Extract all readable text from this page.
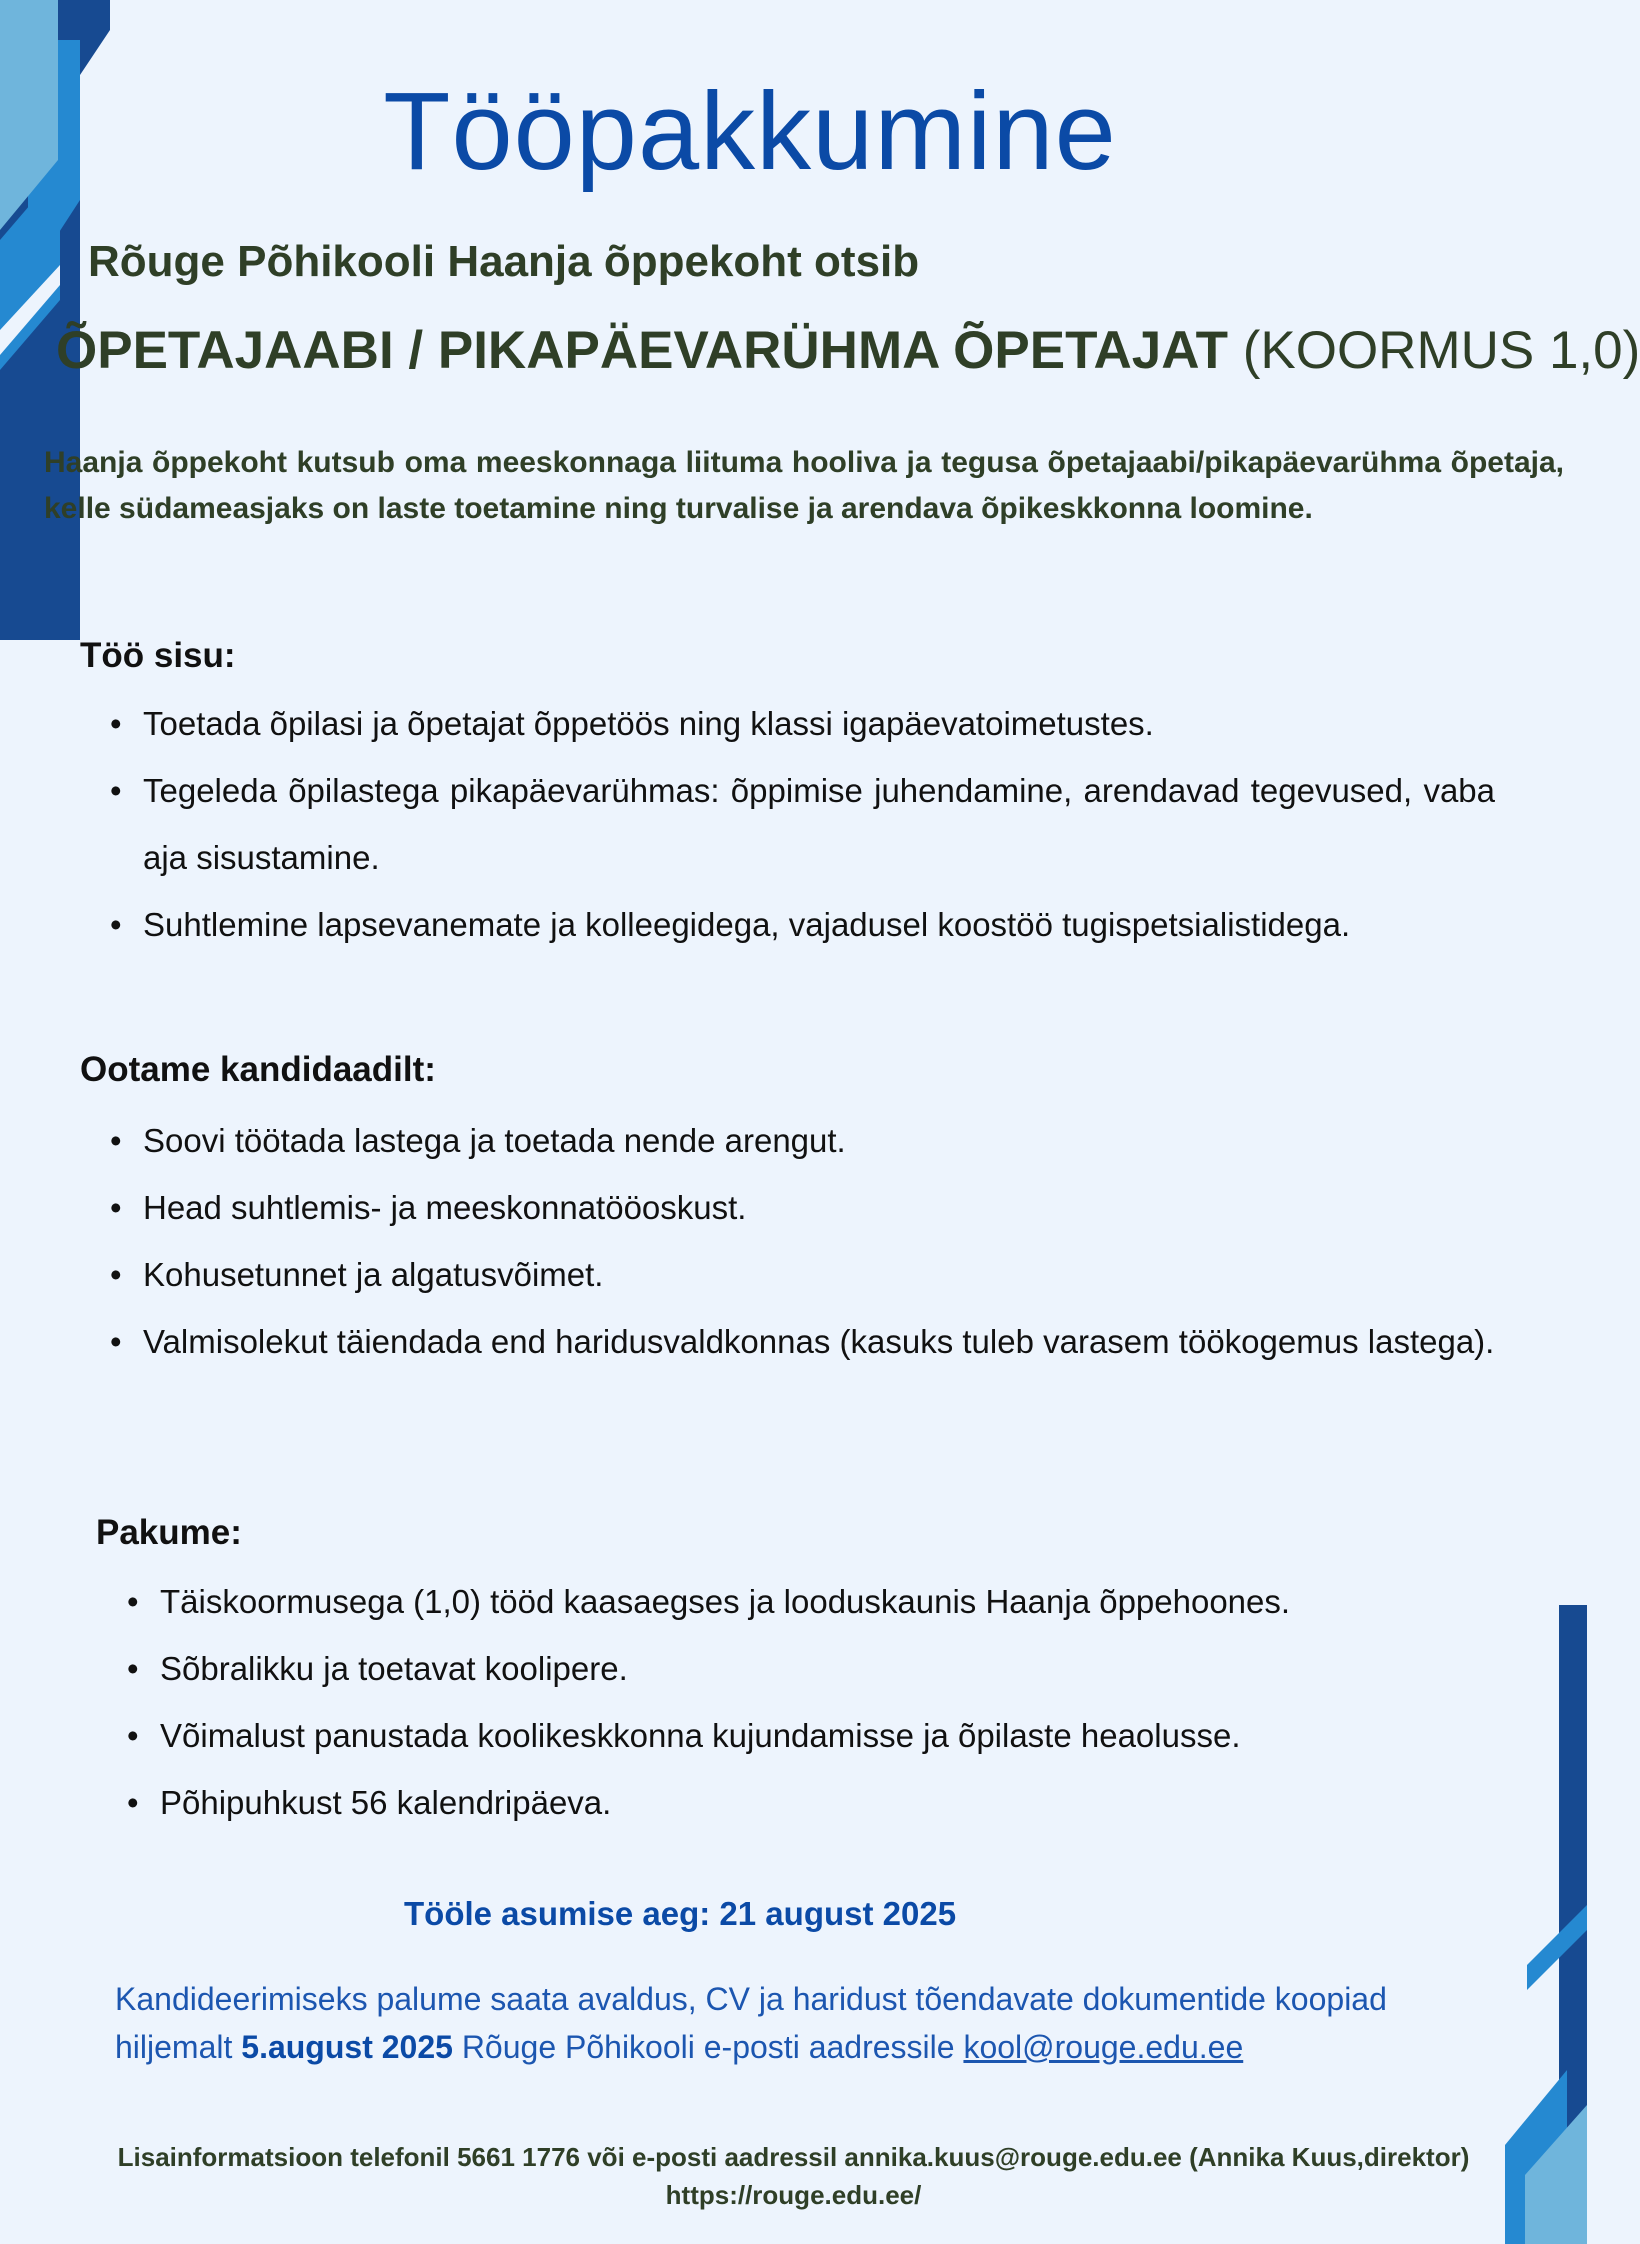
Tööpakkumine
Rõuge Põhikooli Haanja õppekoht otsib
ÕPETAJAABI / PIKAPÄEVARÜHMA ÕPETAJAT (KOORMUS 1,0)
Haanja õppekoht kutsub oma meeskonnaga liituma hooliva ja tegusa õpetajaabi/pikapäevarühma õpetaja, kelle südameasjaks on laste toetamine ning turvalise ja arendava õpikeskkonna loomine.
Töö sisu:
• Toetada õpilasi ja õpetajat õppetöös ning klassi igapäevatoimetustes.
• Tegeleda õpilastega pikapäevarühmas: õppimise juhendamine, arendavad tegevused, vaba aja sisustamine.
• Suhtlemine lapsevanemate ja kolleegidega, vajadusel koostöö tugispetsialistidega.
Ootame kandidaadilt:
• Soovi töötada lastega ja toetada nende arengut.
• Head suhtlemis- ja meeskonnatööoskust.
• Kohusetunnet ja algatusvõimet.
• Valmisolekut täiendada end haridusvaldkonnas (kasuks tuleb varasem töökogemus lastega).
Pakume:
• Täiskoormusega (1,0) tööd kaasaegses ja looduskaunis Haanja õppehoones.
• Sõbralikku ja toetavat koolipere.
• Võimalust panustada koolikeskkonna kujundamisse ja õpilaste heaolusse.
• Põhipuhkust 56 kalendripäeva.
Tööle asumise aeg: 21 august 2025
Kandideerimiseks palume saata avaldus, CV ja haridust tõendavate dokumentide koopiad hiljemalt 5.august 2025 Rõuge Põhikooli e-posti aadressile kool@rouge.edu.ee
Lisainformatsioon telefonil 5661 1776 või e-posti aadressil annika.kuus@rouge.edu.ee (Annika Kuus,direktor)
https://rouge.edu.ee/
